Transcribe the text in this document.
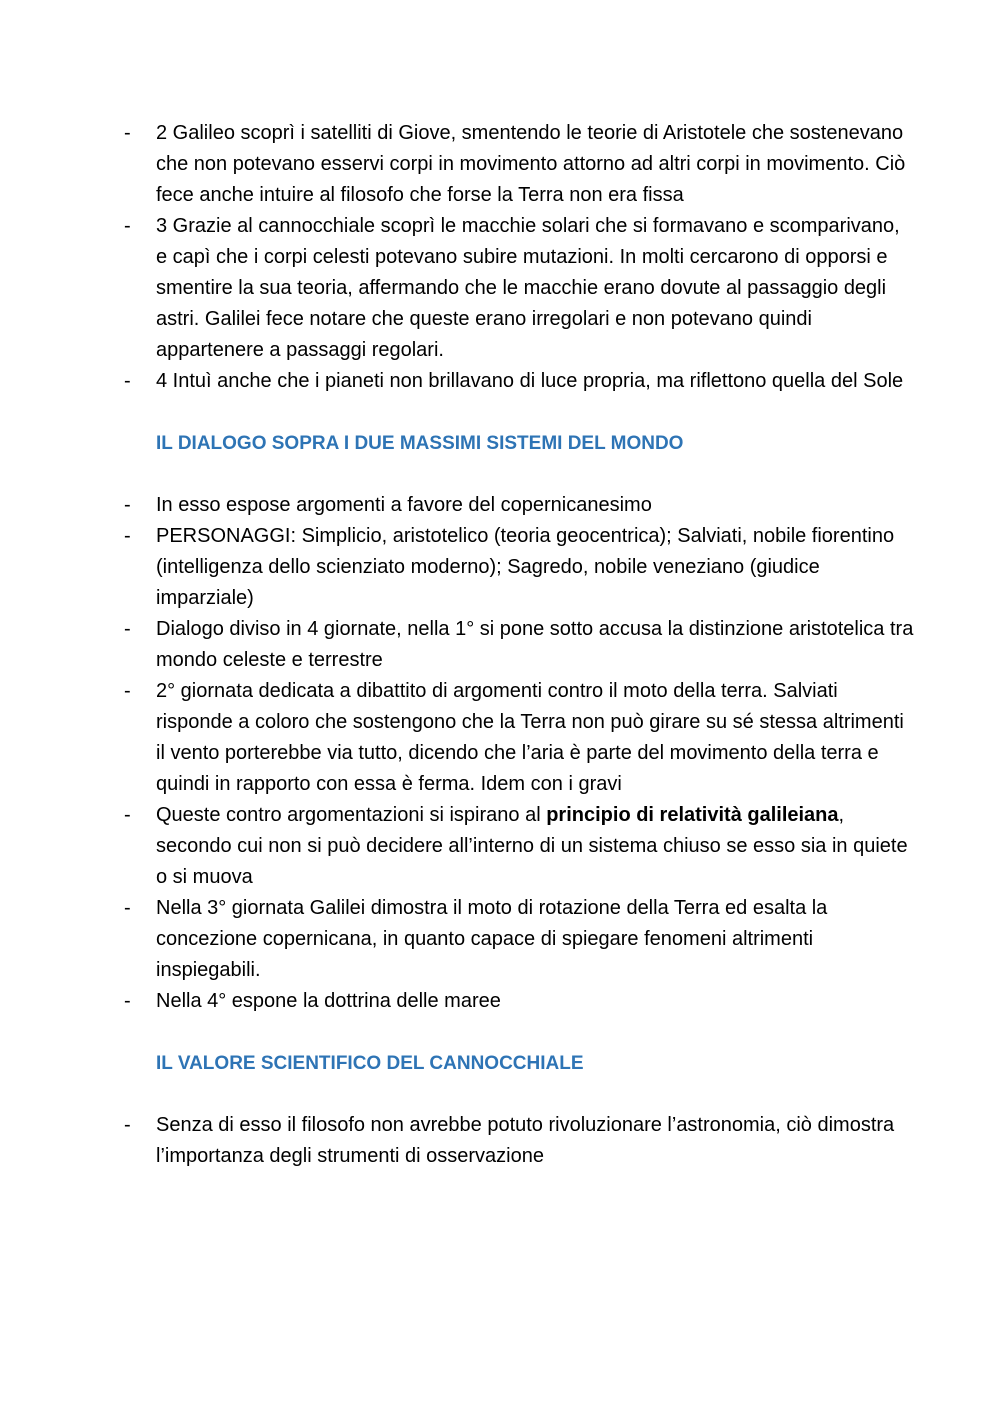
-	2 Galileo scoprì i satelliti di Giove, smentendo le teorie di Aristotele che sostenevano che non potevano esservi corpi in movimento attorno ad altri corpi in movimento. Ciò fece anche intuire al filosofo che forse la Terra non era fissa
-	3 Grazie al cannocchiale scoprì le macchie solari che si formavano e scomparivano, e capì che i corpi celesti potevano subire mutazioni. In molti cercarono di opporsi e smentire la sua teoria, affermando che le macchie erano dovute al passaggio degli astri. Galilei fece notare che queste erano irregolari e non potevano quindi appartenere a passaggi regolari.
-	4 Intuì anche che i pianeti non brillavano di luce propria, ma riflettono quella del Sole
IL DIALOGO SOPRA I DUE MASSIMI SISTEMI DEL MONDO
-	In esso espose argomenti a favore del copernicanesimo
-	PERSONAGGI: Simplicio, aristotelico (teoria geocentrica); Salviati, nobile fiorentino (intelligenza dello scienziato moderno); Sagredo, nobile veneziano (giudice imparziale)
-	Dialogo diviso in 4 giornate, nella 1° si pone sotto accusa la distinzione aristotelica tra mondo celeste e terrestre
-	2° giornata dedicata a dibattito di argomenti contro il moto della terra. Salviati risponde a coloro che sostengono che la Terra non può girare su sé stessa altrimenti il vento porterebbe via tutto, dicendo che l’aria è parte del movimento della terra e quindi in rapporto con essa è ferma. Idem con i gravi
-	Queste contro argomentazioni si ispirano al principio di relatività galileiana, secondo cui non si può decidere all’interno di un sistema chiuso se esso sia in quiete o si muova
-	Nella 3° giornata Galilei dimostra il moto di rotazione della Terra ed esalta la concezione copernicana, in quanto capace di spiegare fenomeni altrimenti inspiegabili.
-	Nella 4° espone la dottrina delle maree
IL VALORE SCIENTIFICO DEL CANNOCCHIALE
-	Senza di esso il filosofo non avrebbe potuto rivoluzionare l’astronomia, ciò dimostra l’importanza degli strumenti di osservazione
